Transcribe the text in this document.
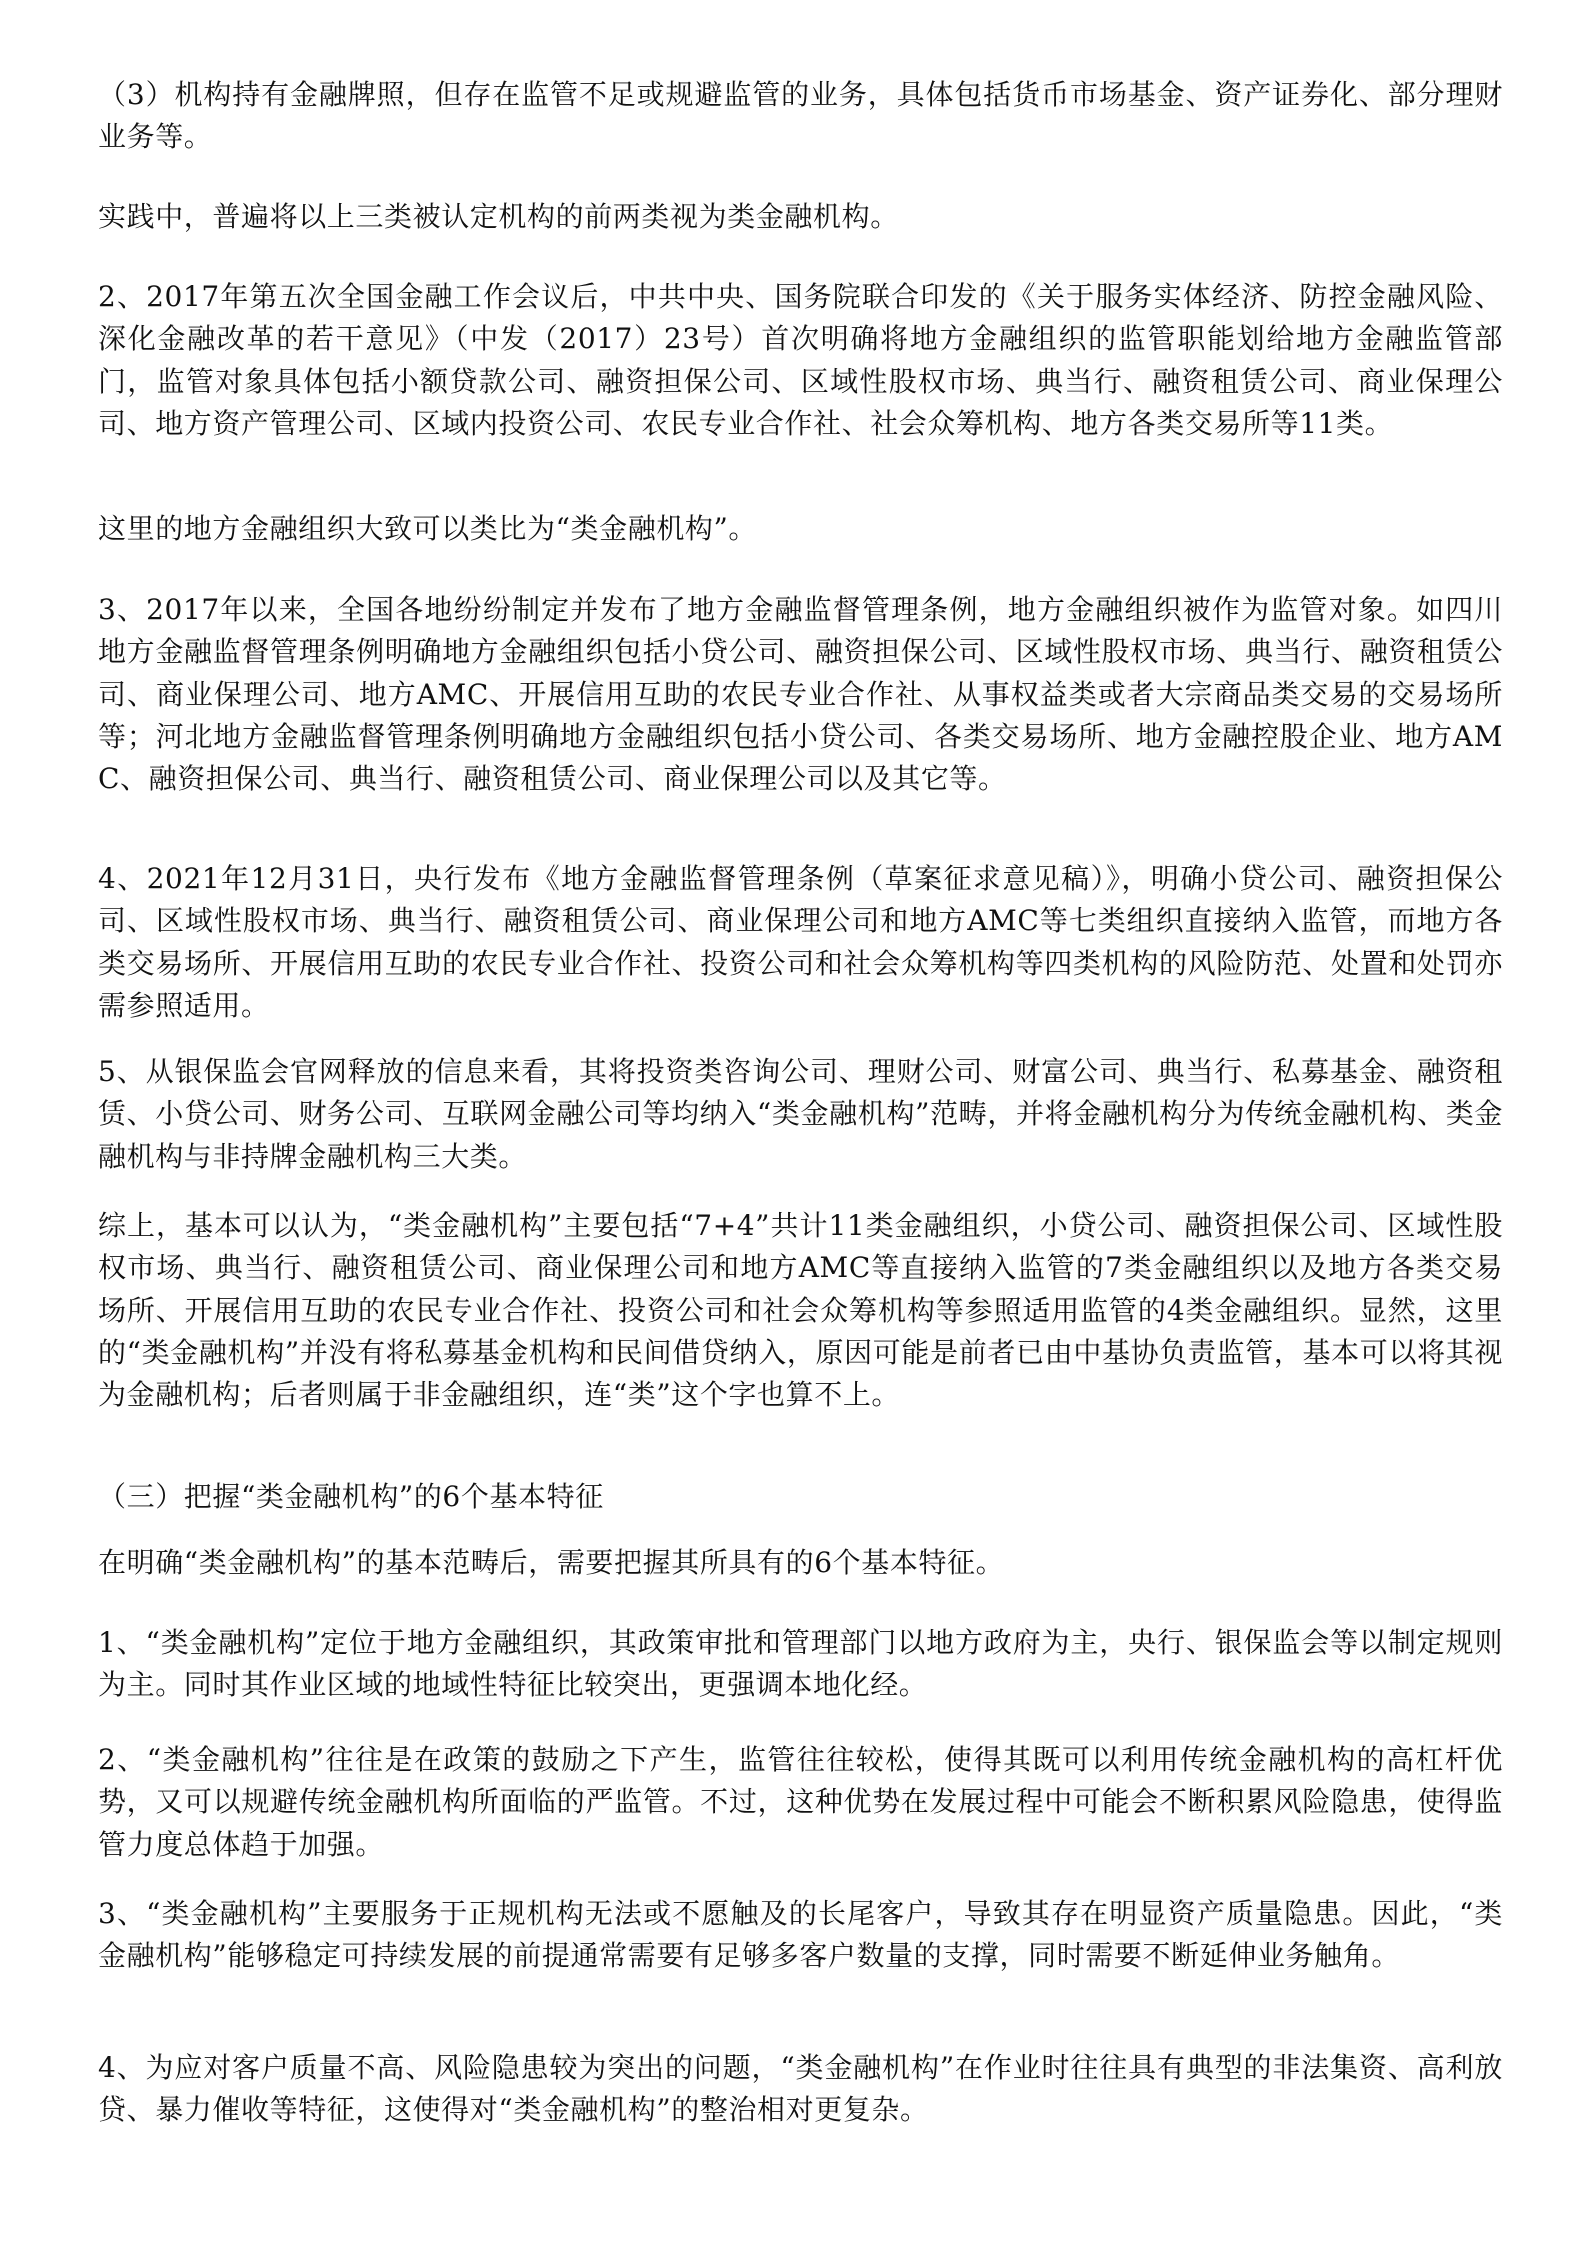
（3）机构持有金融牌照，但存在监管不足或规避监管的业务，具体包括货币市场基金、资产证券化、部分理财业务等。

实践中，普遍将以上三类被认定机构的前两类视为类金融机构。

2、2017年第五次全国金融工作会议后，中共中央、国务院联合印发的《关于服务实体经济、防控金融风险、深化金融改革的若干意见》（中发（2017）23号）首次明确将地方金融组织的监管职能划给地方金融监管部门，监管对象具体包括小额贷款公司、融资担保公司、区域性股权市场、典当行、融资租赁公司、商业保理公司、地方资产管理公司、区域内投资公司、农民专业合作社、社会众筹机构、地方各类交易所等11类。

这里的地方金融组织大致可以类比为“类金融机构”。

3、2017年以来，全国各地纷纷制定并发布了地方金融监督管理条例，地方金融组织被作为监管对象。如四川地方金融监督管理条例明确地方金融组织包括小贷公司、融资担保公司、区域性股权市场、典当行、融资租赁公司、商业保理公司、地方AMC、开展信用互助的农民专业合作社、从事权益类或者大宗商品类交易的交易场所等；河北地方金融监督管理条例明确地方金融组织包括小贷公司、各类交易场所、地方金融控股企业、地方AMC、融资担保公司、典当行、融资租赁公司、商业保理公司以及其它等。

4、2021年12月31日，央行发布《地方金融监督管理条例（草案征求意见稿）》，明确小贷公司、融资担保公司、区域性股权市场、典当行、融资租赁公司、商业保理公司和地方AMC等七类组织直接纳入监管，而地方各类交易场所、开展信用互助的农民专业合作社、投资公司和社会众筹机构等四类机构的风险防范、处置和处罚亦需参照适用。

5、从银保监会官网释放的信息来看，其将投资类咨询公司、理财公司、财富公司、典当行、私募基金、融资租赁、小贷公司、财务公司、互联网金融公司等均纳入“类金融机构”范畴，并将金融机构分为传统金融机构、类金融机构与非持牌金融机构三大类。

综上，基本可以认为，“类金融机构”主要包括“7+4”共计11类金融组织，小贷公司、融资担保公司、区域性股权市场、典当行、融资租赁公司、商业保理公司和地方AMC等直接纳入监管的7类金融组织以及地方各类交易场所、开展信用互助的农民专业合作社、投资公司和社会众筹机构等参照适用监管的4类金融组织。显然，这里的“类金融机构”并没有将私募基金机构和民间借贷纳入，原因可能是前者已由中基协负责监管，基本可以将其视为金融机构；后者则属于非金融组织，连“类”这个字也算不上。

（三）把握“类金融机构”的6个基本特征

在明确“类金融机构”的基本范畴后，需要把握其所具有的6个基本特征。

1、“类金融机构”定位于地方金融组织，其政策审批和管理部门以地方政府为主，央行、银保监会等以制定规则为主。同时其作业区域的地域性特征比较突出，更强调本地化经。

2、“类金融机构”往往是在政策的鼓励之下产生，监管往往较松，使得其既可以利用传统金融机构的高杠杆优势，又可以规避传统金融机构所面临的严监管。不过，这种优势在发展过程中可能会不断积累风险隐患，使得监管力度总体趋于加强。

3、“类金融机构”主要服务于正规机构无法或不愿触及的长尾客户，导致其存在明显资产质量隐患。因此，“类金融机构”能够稳定可持续发展的前提通常需要有足够多客户数量的支撑，同时需要不断延伸业务触角。

4、为应对客户质量不高、风险隐患较为突出的问题，“类金融机构”在作业时往往具有典型的非法集资、高利放贷、暴力催收等特征，这使得对“类金融机构”的整治相对更复杂。
